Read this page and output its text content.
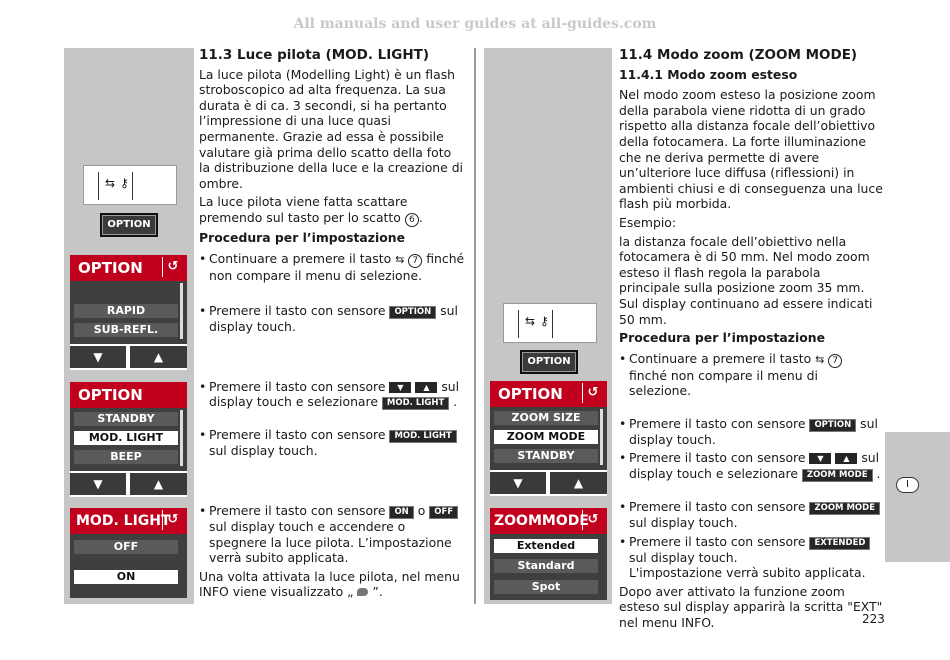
All manuals and user guides at all-guides.com
I
⇆ ⚷
OPTION
OPTION	↺
RAPID
SUB-REFL.
▼	▲
OPTION
STANDBY
MOD. LIGHT
BEEP
▼	▲
MOD. LIGHT
↺
OFF
ON
⇆ ⚷
OPTION
OPTION	↺
ZOOM SIZE
ZOOM MODE
STANDBY
▼	▲
ZOOMMODE
↺
Extended
Standard
Spot
11.3 Luce pilota (MOD. LIGHT)

La luce pilota (Modelling Light) è un flash stroboscopico ad alta frequenza. La sua durata è di ca. 3 secondi, si ha pertanto l’impressione di una luce quasi permanente. Grazie ad essa è possibile valutare già prima dello scatto della foto la distribuzione della luce e la creazione di ombre.

La luce pilota viene fatta scattare premendo sul tasto per lo scatto 6 .

Procedura per l’impostazione
• Continuare a premere il tasto ⇆ 7 finché non compare il menu di selezione.
• Premere il tasto con sensore OPTION sul display touch.
• Premere il tasto con sensore ▼ ▲ sul display touch e selezionare MOD. LIGHT .
• Premere il tasto con sensore MOD. LIGHT sul display touch.
• Premere il tasto con sensore ON o OFF sul display touch e accendere o spegnere la luce pilota. L’impostazione verrà subito applicata.

Una volta attivata la luce pilota, nel menu INFO viene visualizzato „ ”.

11.4 Modo zoom (ZOOM MODE)
11.4.1 Modo zoom esteso

Nel modo zoom esteso la posizione zoom della parabola viene ridotta di un grado rispetto alla distanza focale dell’obiettivo della fotocamera. La forte illuminazione che ne deriva permette di avere un’ulteriore luce diffusa (riflessioni) in ambienti chiusi e di conseguenza una luce flash più morbida.

Esempio:

la distanza focale dell’obiettivo nella fotocamera è di 50 mm. Nel modo zoom esteso il flash regola la parabola principale sulla posizione zoom 35 mm. Sul display continuano ad essere indicati 50 mm.

Procedura per l’impostazione
• Continuare a premere il tasto ⇆ 7 finché non compare il menu di selezione.
• Premere il tasto con sensore OPTION sul display touch.
• Premere il tasto con sensore ▼ ▲ sul display touch e selezionare ZOOM MODE .
• Premere il tasto con sensore ZOOM MODE sul display touch.
• Premere il tasto con sensore EXTENDED sul display touch.
L'impostazione verrà subito applicata.

Dopo aver attivato la funzione zoom esteso sul display apparirà la scritta "EXT" nel menu INFO.	223
